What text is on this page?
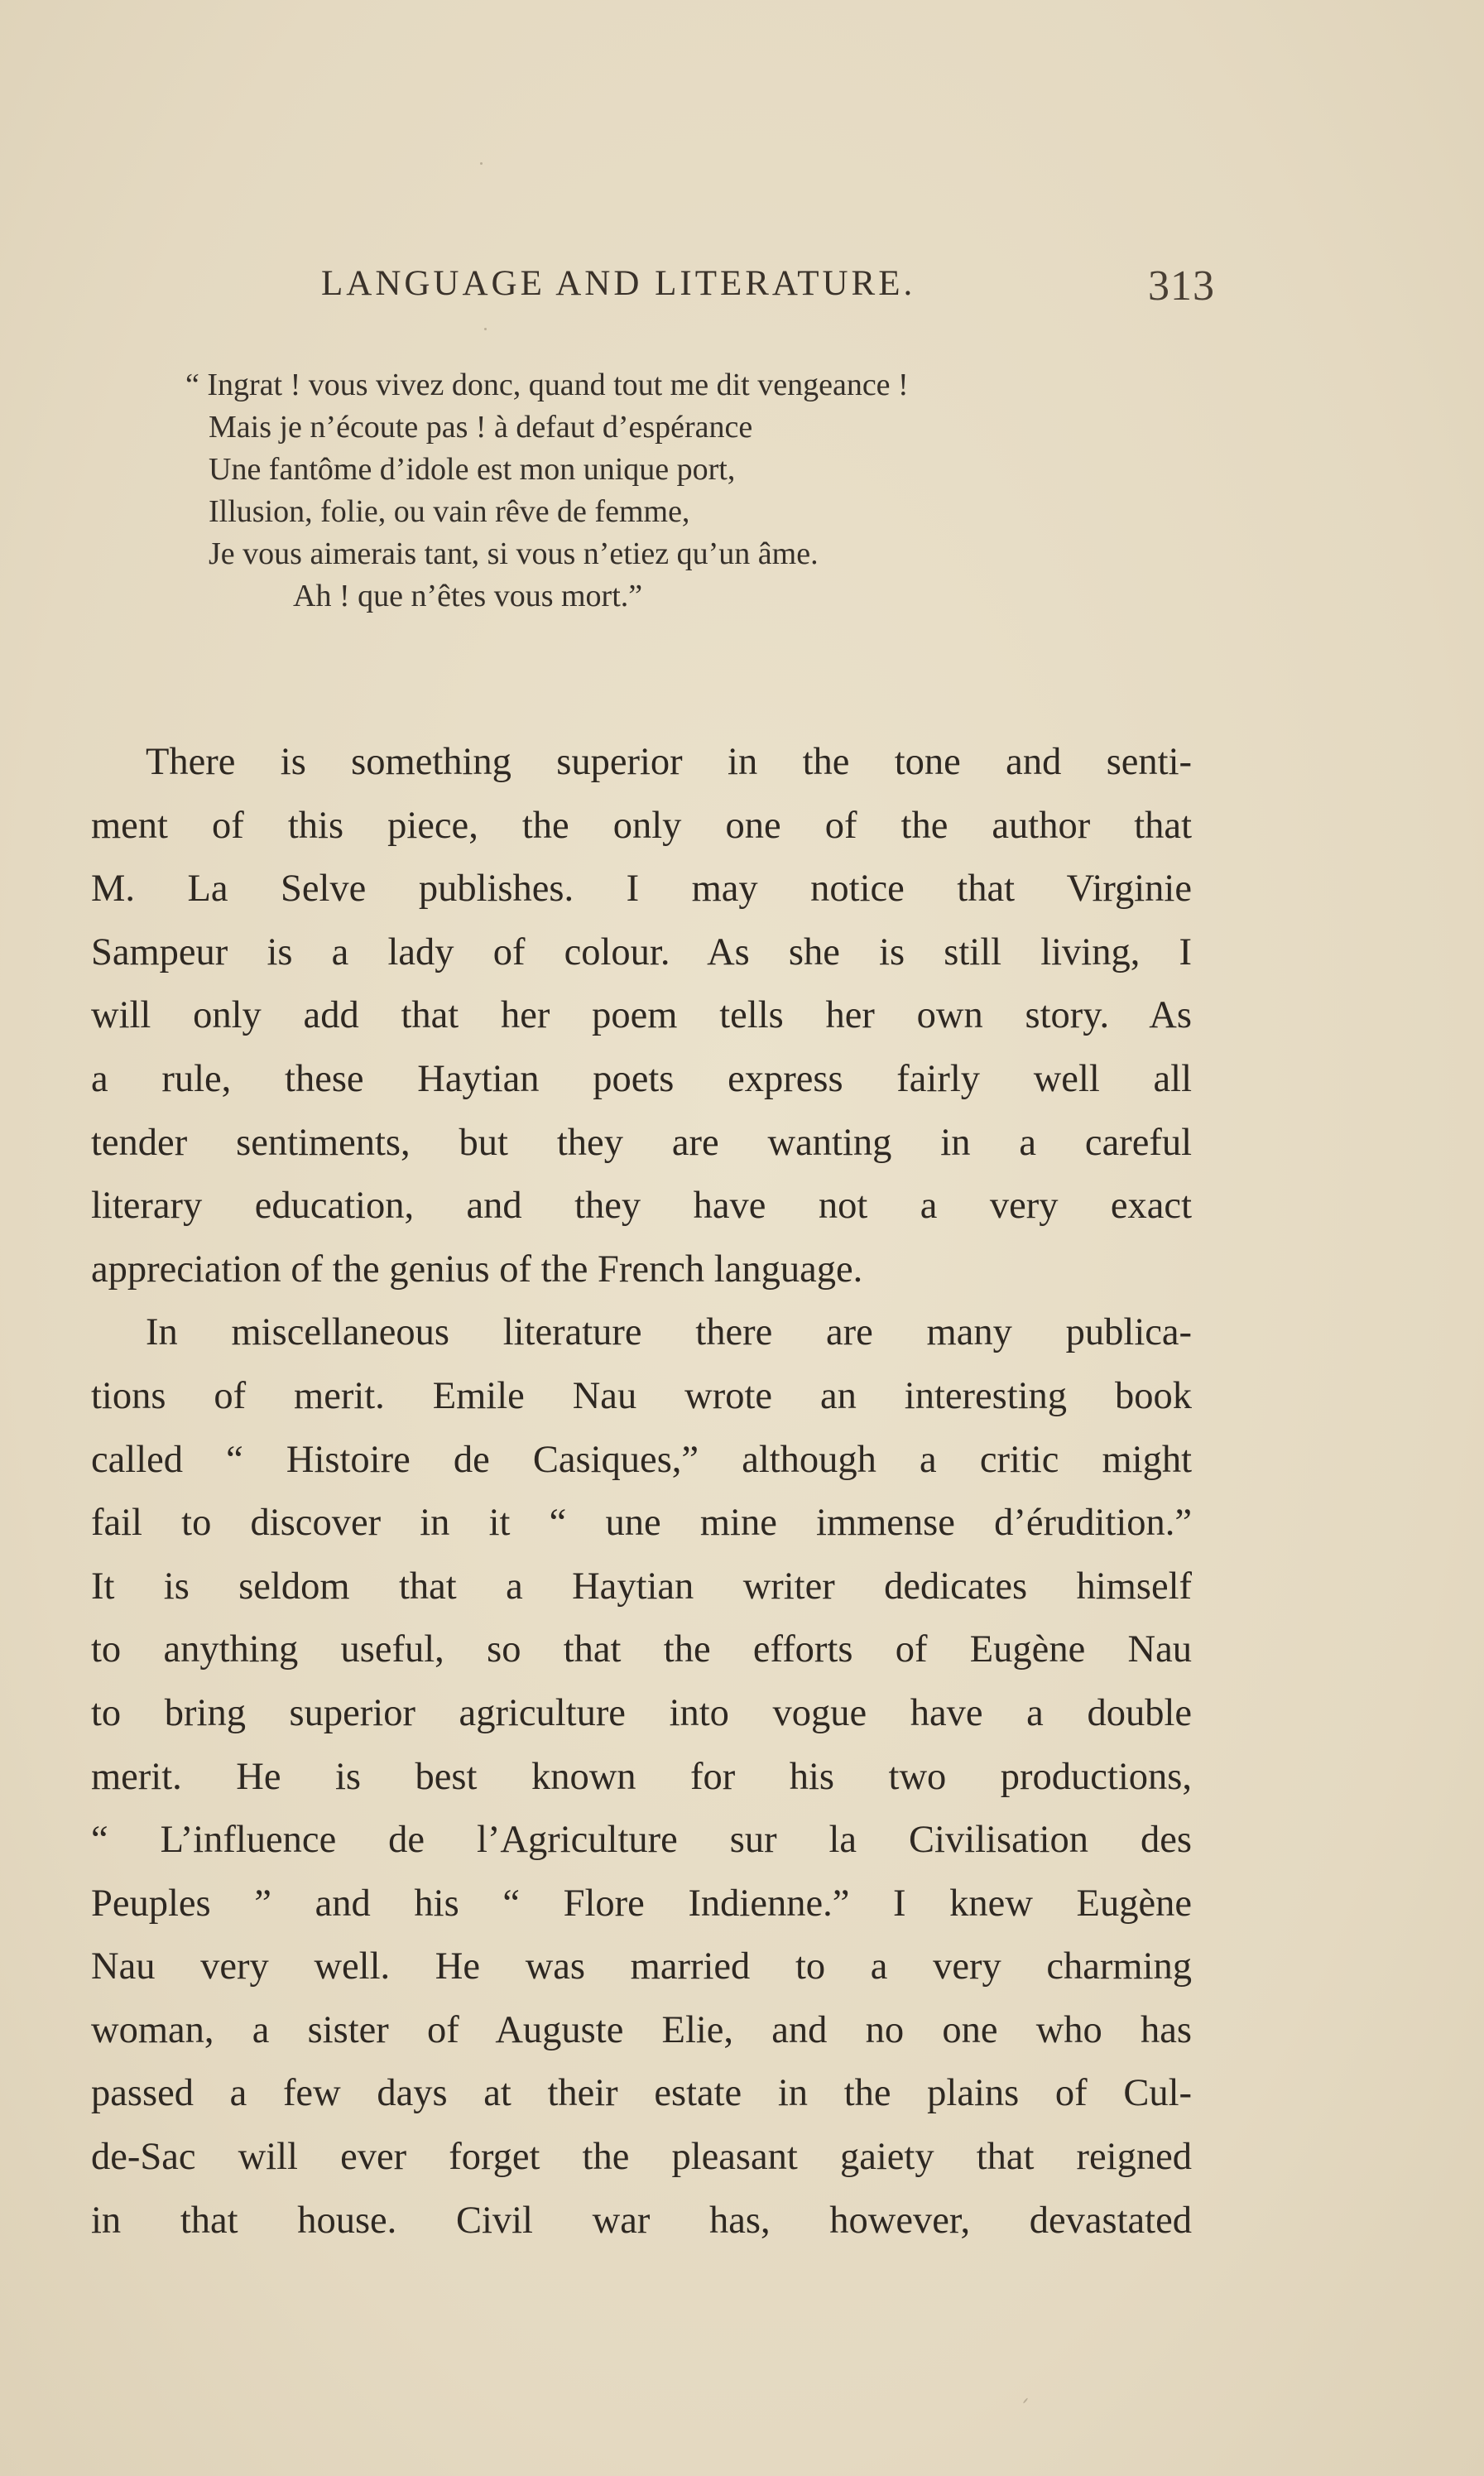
LANGUAGE AND LITERATURE.	313
“ Ingrat ! vous vivez donc, quand tout me dit vengeance !
Mais je n’écoute pas ! à defaut d’espérance
Une fantôme d’idole est mon unique port,
Illusion, folie, ou vain rêve de femme,
Je vous aimerais tant, si vous n’etiez qu’un âme.
Ah ! que n’êtes vous mort.”
There is something superior in the tone and senti-
ment of this piece, the only one of the author that
M. La Selve publishes. I may notice that Virginie
Sampeur is a lady of colour. As she is still living, I
will only add that her poem tells her own story. As
a rule, these Haytian poets express fairly well all
tender sentiments, but they are wanting in a careful
literary education, and they have not a very exact
appreciation of the genius of the French language.
In miscellaneous literature there are many publica-
tions of merit. Emile Nau wrote an interesting book
called “ Histoire de Casiques,” although a critic might
fail to discover in it “ une mine immense d’érudition.”
It is seldom that a Haytian writer dedicates himself
to anything useful, so that the efforts of Eugène Nau
to bring superior agriculture into vogue have a double
merit. He is best known for his two productions,
“ L’influence de l’Agriculture sur la Civilisation des
Peuples ” and his “ Flore Indienne.” I knew Eugène
Nau very well. He was married to a very charming
woman, a sister of Auguste Elie, and no one who has
passed a few days at their estate in the plains of Cul-
de-Sac will ever forget the pleasant gaiety that reigned
in that house. Civil war has, however, devastated
